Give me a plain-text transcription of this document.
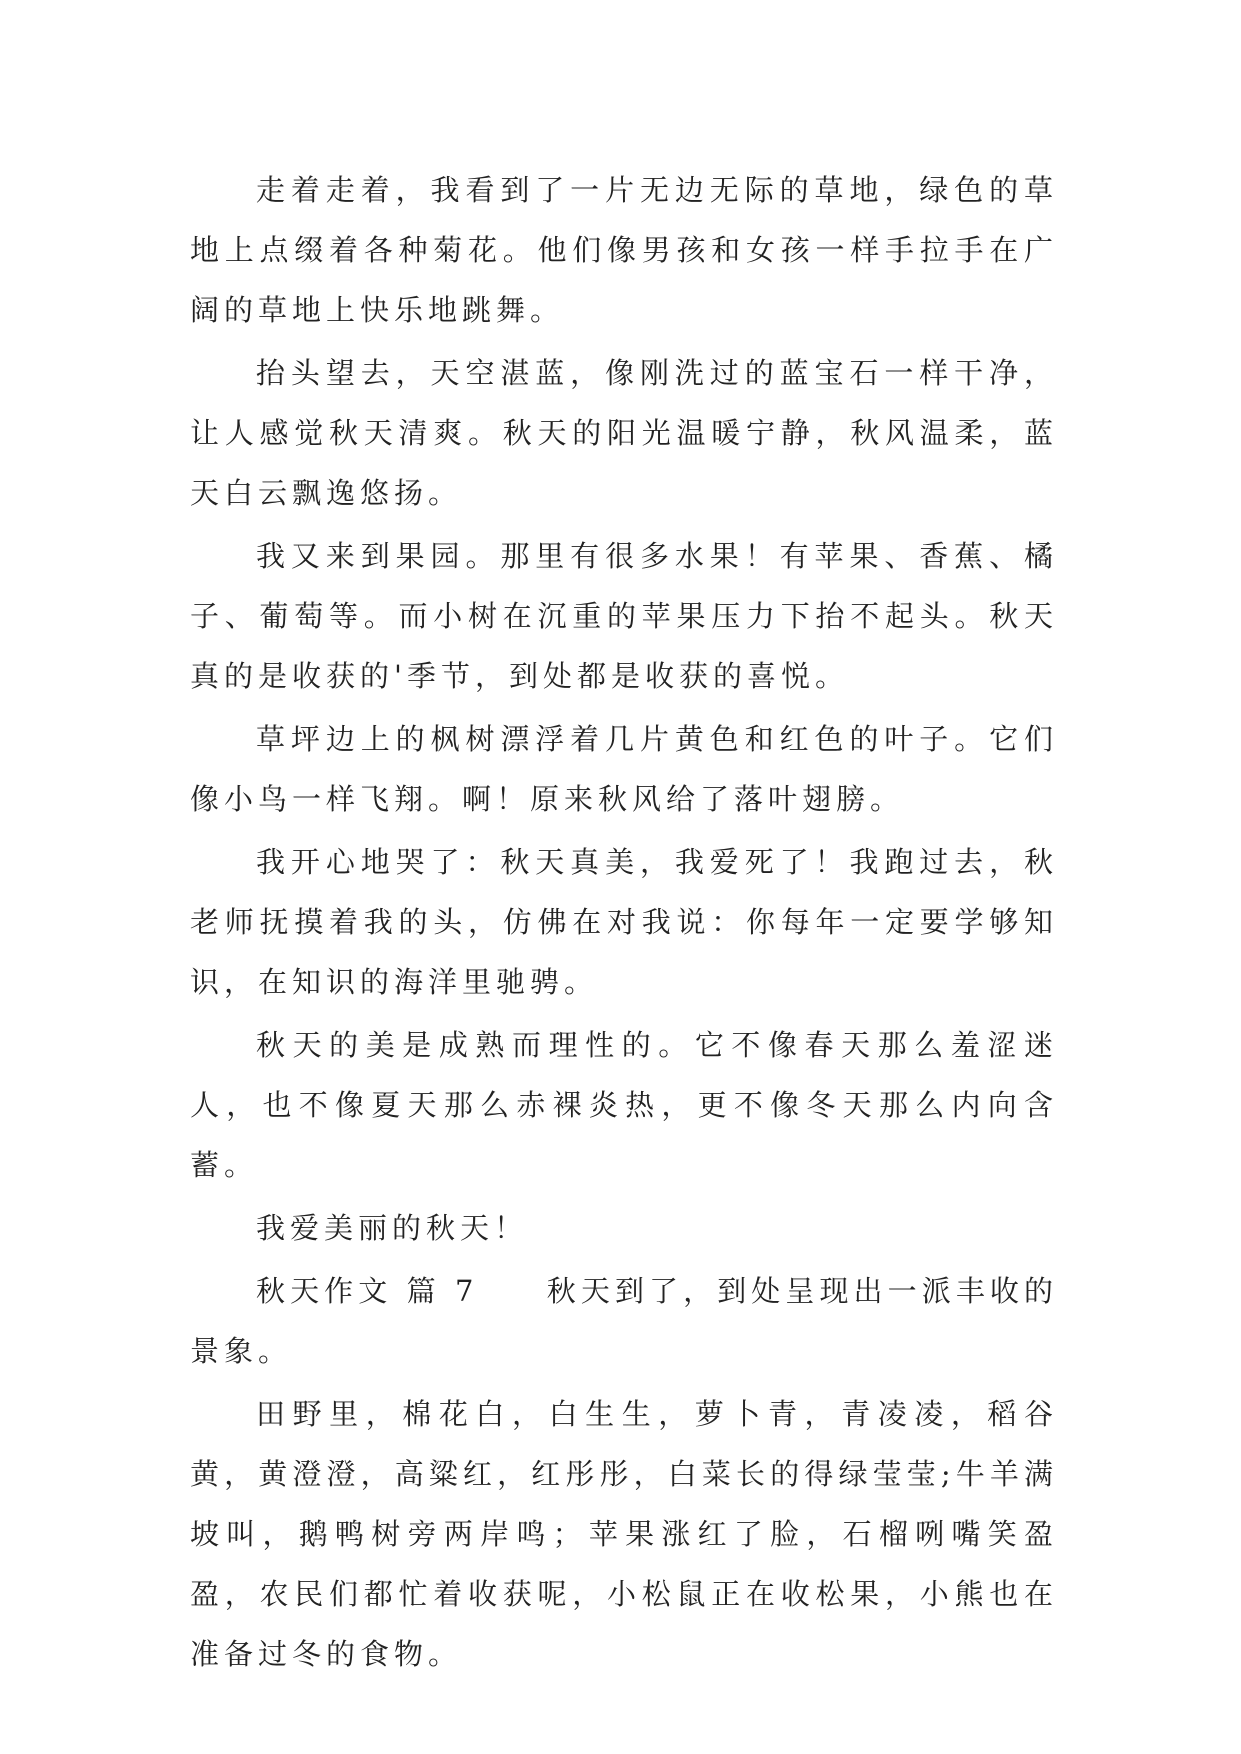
走着走着，我看到了一片无边无际的草地，绿色的草地上点缀着各种菊花。他们像男孩和女孩一样手拉手在广阔的草地上快乐地跳舞。

抬头望去，天空湛蓝，像刚洗过的蓝宝石一样干净，让人感觉秋天清爽。秋天的阳光温暖宁静，秋风温柔，蓝天白云飘逸悠扬。

我又来到果园。那里有很多水果！有苹果、香蕉、橘子、葡萄等。而小树在沉重的苹果压力下抬不起头。秋天真的是收获的'季节，到处都是收获的喜悦。

草坪边上的枫树漂浮着几片黄色和红色的叶子。它们像小鸟一样飞翔。啊！原来秋风给了落叶翅膀。

我开心地哭了：秋天真美，我爱死了！我跑过去，秋老师抚摸着我的头，仿佛在对我说：你每年一定要学够知识，在知识的海洋里驰骋。

秋天的美是成熟而理性的。它不像春天那么羞涩迷人，也不像夏天那么赤裸炎热，更不像冬天那么内向含蓄。

我爱美丽的秋天！

秋天作文 篇 7　　秋天到了，到处呈现出一派丰收的景象。

田野里，棉花白，白生生，萝卜青，青凌凌，稻谷黄，黄澄澄，高粱红，红彤彤，白菜长的得绿莹莹;牛羊满坡叫，鹅鸭树旁两岸鸣；苹果涨红了脸，石榴咧嘴笑盈盈，农民们都忙着收获呢，小松鼠正在收松果，小熊也在准备过冬的食物。
